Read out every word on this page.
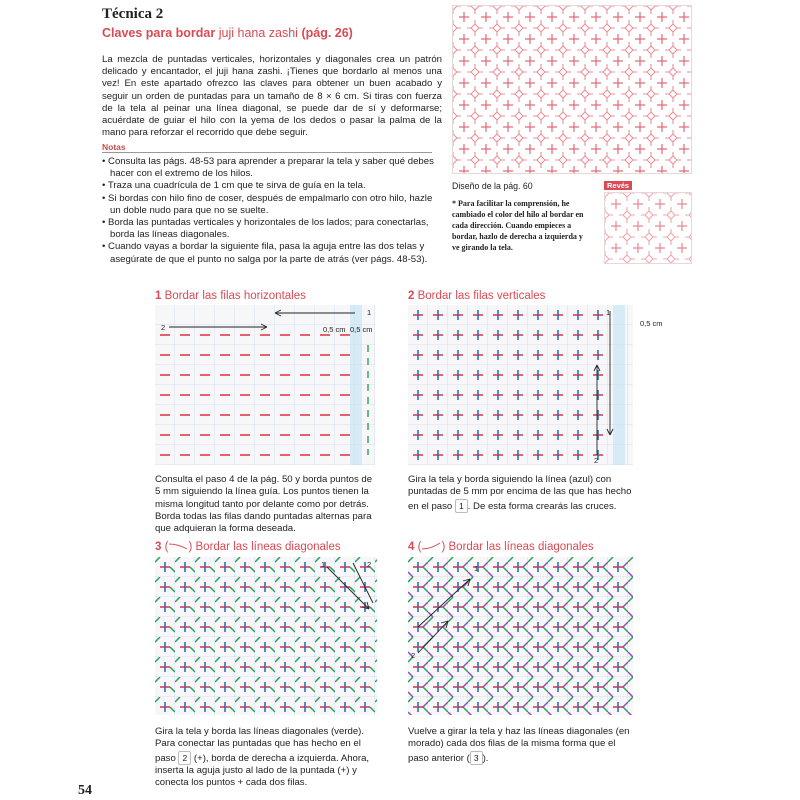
Técnica 2
Claves para bordar juji hana zashi (pág. 26)

La mezcla de puntadas verticales, horizontales y diagonales crea un patrón delicado y encantador, el juji hana zashi. ¡Tienes que bordarlo al menos una vez! En este apartado ofrezco las claves para obtener un buen acabado y seguir un orden de puntadas para un tamaño de 8 × 6 cm. Si tiras con fuerza de la tela al peinar una línea diagonal, se puede dar de sí y deformarse; acuérdate de guiar el hilo con la yema de los dedos o pasar la palma de la mano para reforzar el recorrido que debe seguir.

Notas
• Consulta las págs. 48-53 para aprender a preparar la tela y saber qué debes hacer con el extremo de los hilos.
• Traza una cuadrícula de 1 cm que te sirva de guía en la tela.
• Si bordas con hilo fino de coser, después de empalmarlo con otro hilo, hazle un doble nudo para que no se suelte.
• Borda las puntadas verticales y horizontales de los lados; para conectarlas, borda las líneas diagonales.
• Cuando vayas a bordar la siguiente fila, pasa la aguja entre las dos telas y asegúrate de que el punto no salga por la parte de atrás (ver págs. 48-53).
Diseño de la pág. 60	Revés
* Para facilitar la comprensión, he cambiado el color del hilo al bordar en cada dirección. Cuando empieces a bordar, hazlo de derecha a izquierda y ve girando la tela.
1 Bordar las filas horizontales
1
2	0,5 cm 0,5 cm

Consulta el paso 4 de la pág. 50 y borda puntos de 5 mm siguiendo la línea guía. Los puntos tienen la misma longitud tanto por delante como por detrás. Borda todas las filas dando puntadas alternas para que adquieran la forma deseada.

2 Bordar las filas verticales
1
2
0,5 cm

Gira la tela y borda siguiendo la línea (azul) con puntadas de 5 mm por encima de las que has hecho en el paso 1 . De esta forma crearás las cruces.

3 ( ) Bordar las líneas diagonales
1	2

Gira la tela y borda las líneas diagonales (verde). Para conectar las puntadas que has hecho en el paso 2 (+), borda de derecha a izquierda. Ahora, inserta la aguja justo al lado de la puntada (+) y conecta los puntos + cada dos filas.

4 ( ) Bordar las líneas diagonales
1
2

Vuelve a girar la tela y haz las líneas diagonales (en morado) cada dos filas de la misma forma que el paso anterior ( 3 ).

54
